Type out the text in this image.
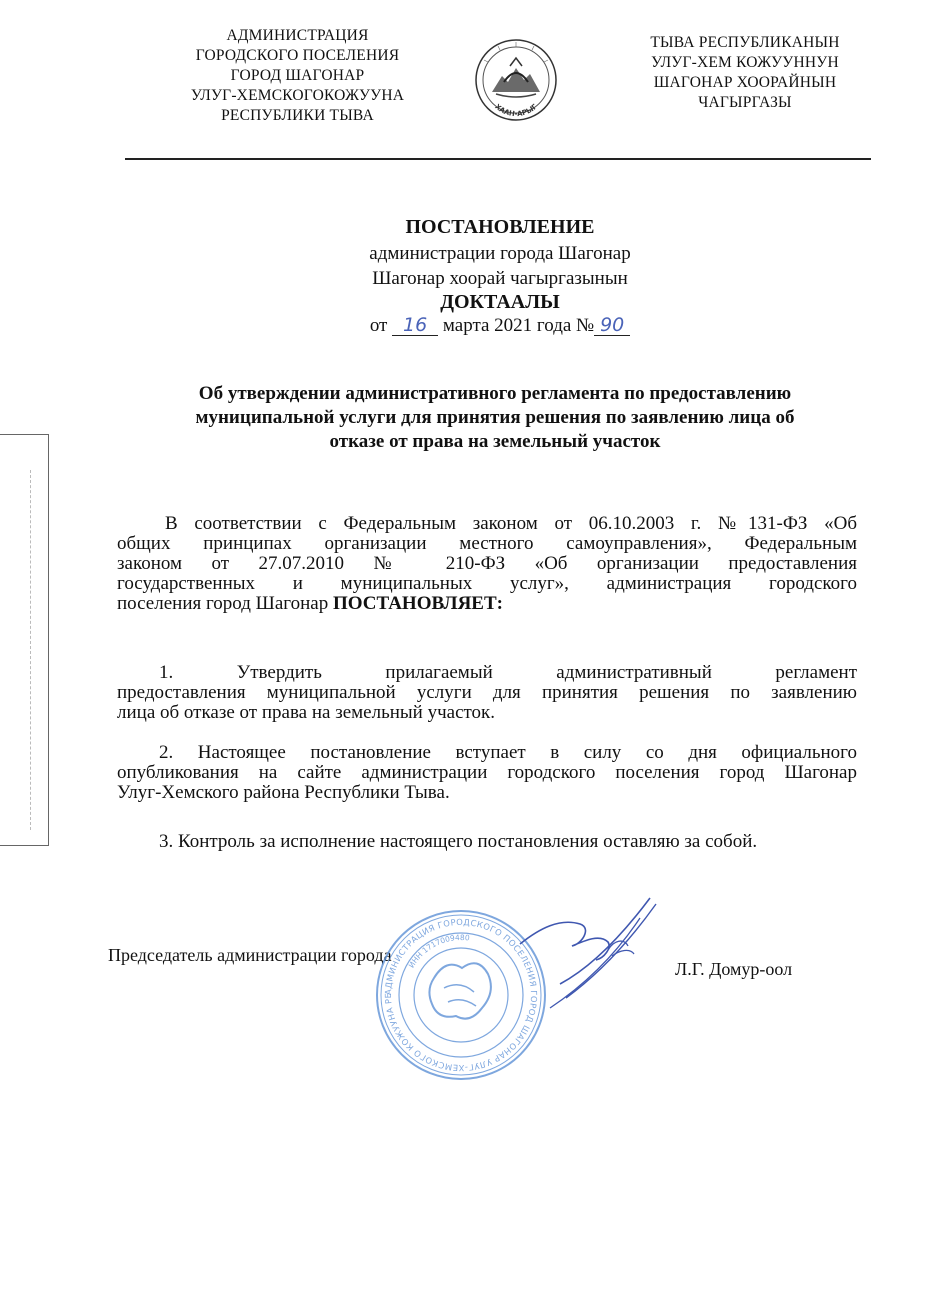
АДМИНИСТРАЦИЯ
ГОРОДСКОГО ПОСЕЛЕНИЯ
ГОРОД ШАГОНАР
УЛУГ-ХЕМСКОГОКОЖУУНА
РЕСПУБЛИКИ ТЫВА	ХААН-АРЫГ
ТЫВА РЕСПУБЛИКАНЫН
УЛУГ-ХЕМ КОЖУУННУН
ШАГОНАР ХООРАЙНЫН
ЧАГЫРГАЗЫ
ПОСТАНОВЛЕНИЕ
администрации города Шагонар
Шагонар хоорай чагыргазынын
ДОКТААЛЫ
от 16 марта 2021 года № 90
Об утверждении административного регламента по предоставлению
муниципальной услуги для принятия решения по заявлению лица об
отказе от права на земельный участок
В соответствии с Федеральным законом от 06.10.2003 г. №131-ФЗ «Об
общих принципах организации местного самоуправления», Федеральным
законом от 27.07.2010 № 210-ФЗ «Об организации предоставления
государственных и муниципальных услуг», администрация городского
поселения город Шагонар ПОСТАНОВЛЯЕТ:
1. Утвердить прилагаемый административный регламент
предоставления муниципальной услуги для принятия решения по заявлению
лица об отказе от права на земельный участок.
2. Настоящее постановление вступает в силу со дня официального
опубликования на сайте администрации городского поселения город Шагонар
Улуг-Хемского района Республики Тыва.
3. Контроль за исполнение настоящего постановления оставляю за собой.
Председатель администрации города
Л.Г. Домур-оол
АДМИНИСТРАЦИЯ ГОРОДСКОГО ПОСЕЛЕНИЯ ГОРОД ШАГОНАР УЛУГ-ХЕМСКОГО КОЖУУНА РЕ
ИНН 1717009480
